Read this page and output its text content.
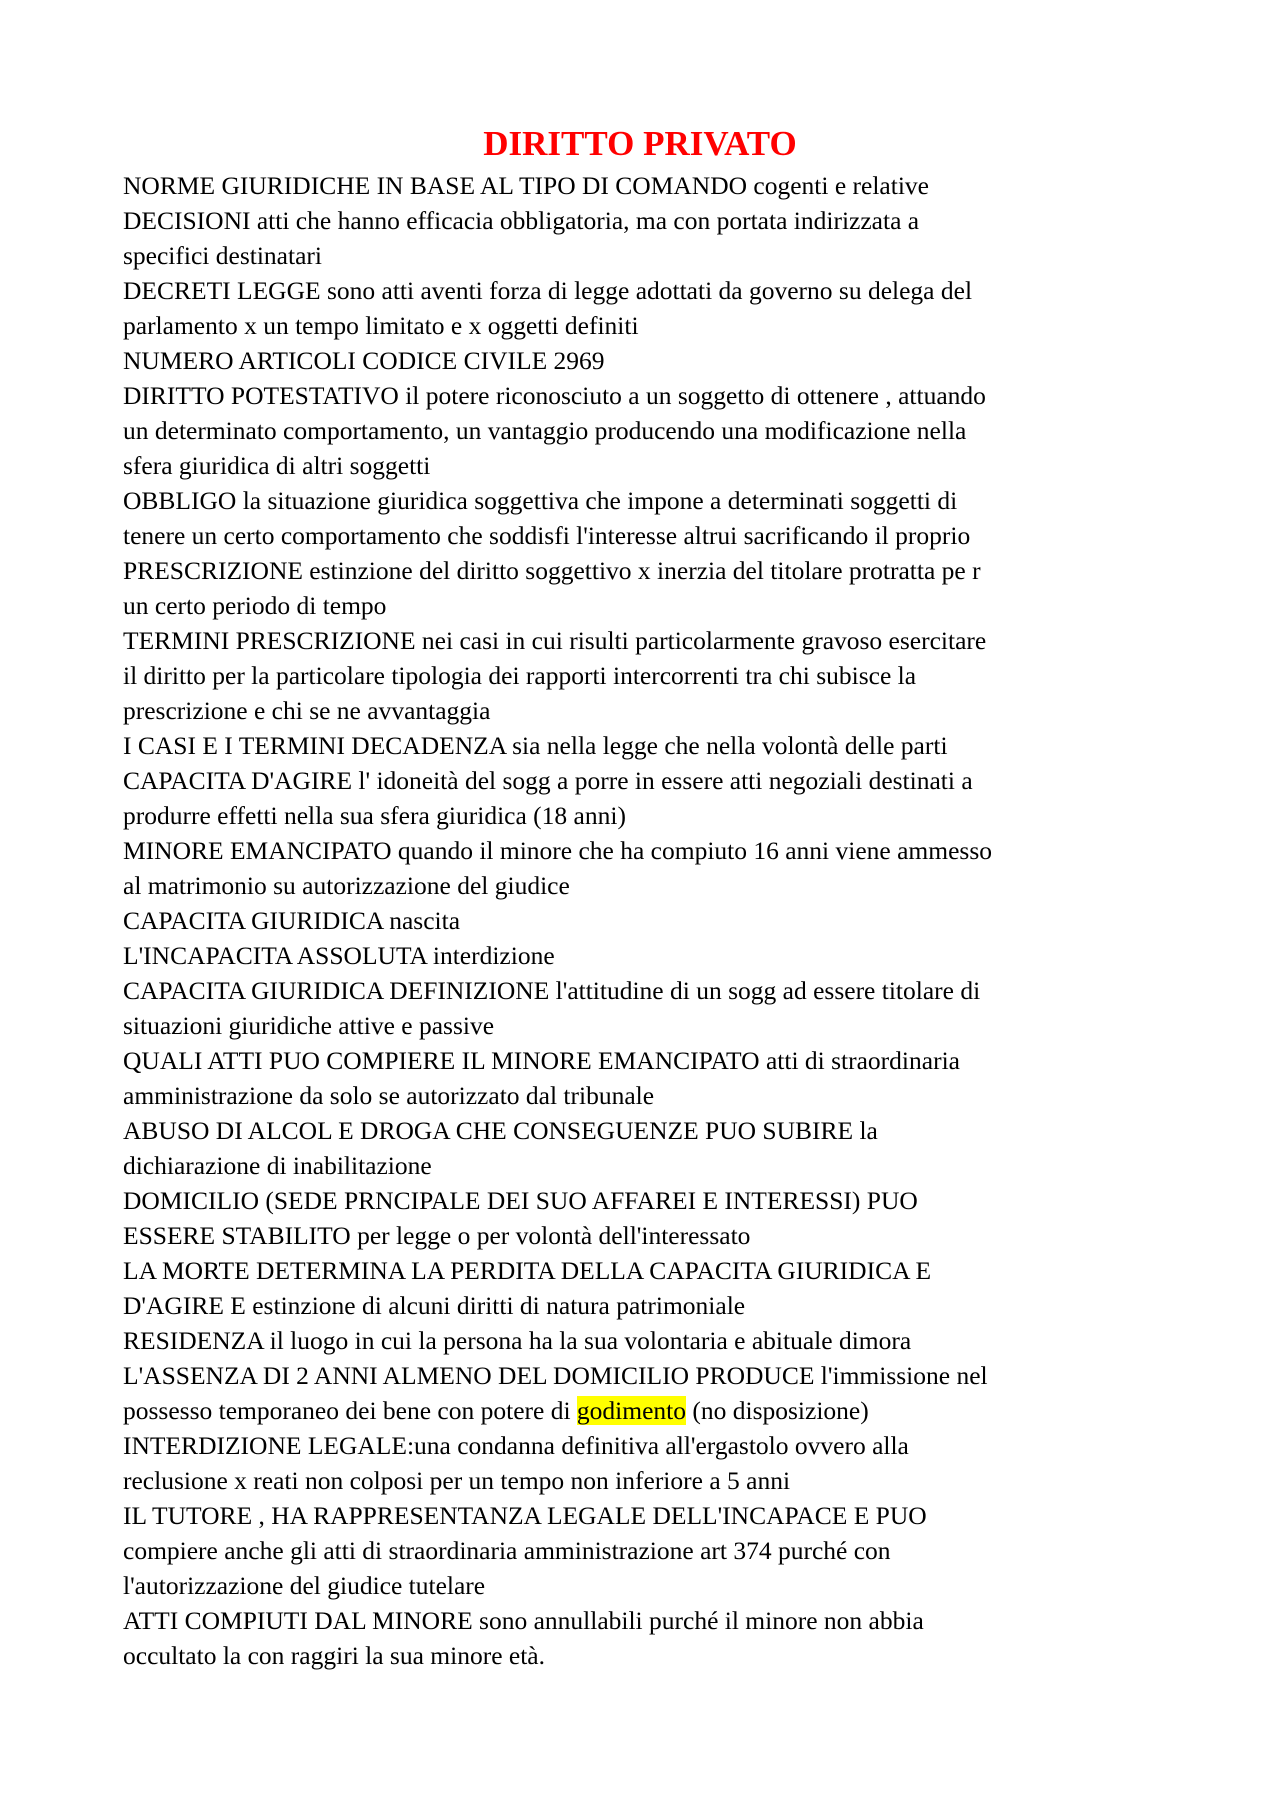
DIRITTO PRIVATO

NORME GIURIDICHE IN BASE AL TIPO DI COMANDO cogenti e relative

DECISIONI atti che hanno efficacia obbligatoria, ma con portata indirizzata a

specifici destinatari

DECRETI LEGGE sono atti aventi forza di legge adottati da governo su delega del

parlamento x un tempo limitato e x oggetti definiti

NUMERO ARTICOLI CODICE CIVILE 2969

DIRITTO POTESTATIVO il potere riconosciuto a un soggetto di ottenere , attuando

un determinato comportamento, un vantaggio producendo una modificazione nella

sfera giuridica di altri soggetti

OBBLIGO la situazione giuridica soggettiva che impone a determinati soggetti di

tenere un certo comportamento che soddisfi l'interesse altrui sacrificando il proprio

PRESCRIZIONE estinzione del diritto soggettivo x inerzia del titolare protratta pe r

un certo periodo di tempo

TERMINI PRESCRIZIONE nei casi in cui risulti particolarmente gravoso esercitare

il diritto per la particolare tipologia dei rapporti intercorrenti tra chi subisce la

prescrizione e chi se ne avvantaggia

I CASI E I TERMINI DECADENZA sia nella legge che nella volontà delle parti

CAPACITA D'AGIRE l' idoneità del sogg a porre in essere atti negoziali destinati a

produrre effetti nella sua sfera giuridica (18 anni)

MINORE EMANCIPATO quando il minore che ha compiuto 16 anni viene ammesso

al matrimonio su autorizzazione del giudice

CAPACITA GIURIDICA nascita

L'INCAPACITA ASSOLUTA interdizione

CAPACITA GIURIDICA DEFINIZIONE l'attitudine di un sogg ad essere titolare di

situazioni giuridiche attive e passive

QUALI ATTI PUO COMPIERE IL MINORE EMANCIPATO atti di straordinaria

amministrazione da solo se autorizzato dal tribunale

ABUSO DI ALCOL E DROGA CHE CONSEGUENZE PUO SUBIRE la

dichiarazione di inabilitazione

DOMICILIO (SEDE PRNCIPALE DEI SUO AFFAREI E INTERESSI) PUO

ESSERE STABILITO per legge o per volontà dell'interessato

LA MORTE DETERMINA LA PERDITA DELLA CAPACITA GIURIDICA E

D'AGIRE E estinzione di alcuni diritti di natura patrimoniale

RESIDENZA il luogo in cui la persona ha la sua volontaria e abituale dimora

L'ASSENZA DI 2 ANNI ALMENO DEL DOMICILIO PRODUCE l'immissione nel

possesso temporaneo dei bene con potere di godimento (no disposizione)

INTERDIZIONE LEGALE:una condanna definitiva all'ergastolo ovvero alla

reclusione x reati non colposi per un tempo non inferiore a 5 anni

IL TUTORE , HA RAPPRESENTANZA LEGALE DELL'INCAPACE E PUO

compiere anche gli atti di straordinaria amministrazione art 374 purché con

l'autorizzazione del giudice tutelare

ATTI COMPIUTI DAL MINORE sono annullabili purché il minore non abbia

occultato la con raggiri la sua minore età.
